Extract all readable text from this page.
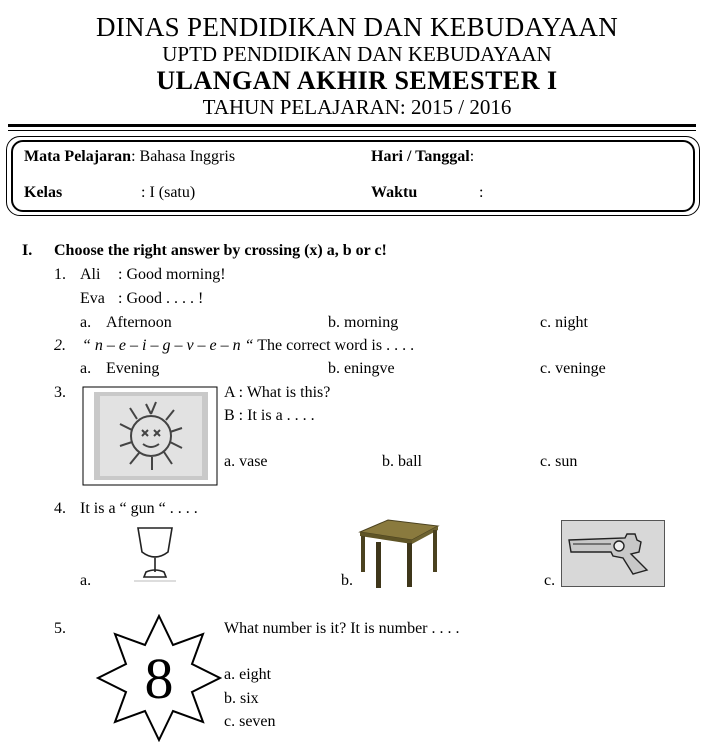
DINAS PENDIDIKAN DAN KEBUDAYAAN
UPTD PENDIDIKAN DAN KEBUDAYAAN
ULANGAN AKHIR SEMESTER I
TAHUN PELAJARAN: 2015 / 2016
Mata Pelajaran: Bahasa Inggris	Hari / Tanggal:
Kelas	: I (satu)	Waktu	:
I. Choose the right answer by crossing (x) a, b or c!
1. Ali : Good morning!
Eva : Good . . . . !
a. Afternoon	b. morning	c. night
2. “ n – e – i – g – v – e – n “ The correct word is . . . .
a. Evening	b. eningve	c. veninge
3.	A : What is this?
B : It is a . . . .
a. vase	b. ball	c. sun
4. It is a “ gun “ . . . .
a.	b.	c.
5.
8
What number is it? It is number . . . .
a. eight
b. six
c. seven
